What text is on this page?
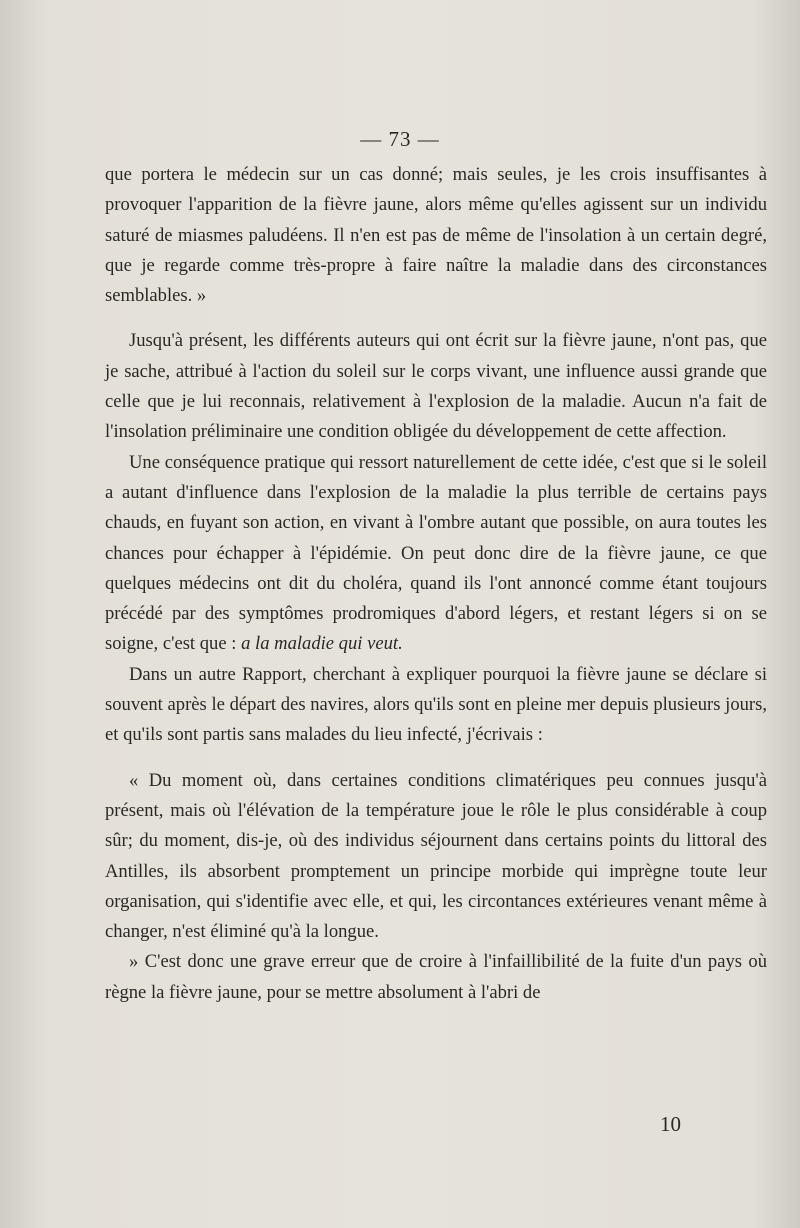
— 73 —

que portera le médecin sur un cas donné; mais seules, je les crois insuffisantes à provoquer l'apparition de la fièvre jaune, alors même qu'elles agissent sur un individu saturé de miasmes paludéens. Il n'en est pas de même de l'insolation à un certain degré, que je regarde comme très-propre à faire naître la maladie dans des circonstances semblables. »

Jusqu'à présent, les différents auteurs qui ont écrit sur la fièvre jaune, n'ont pas, que je sache, attribué à l'action du soleil sur le corps vivant, une influence aussi grande que celle que je lui reconnais, relativement à l'explosion de la maladie. Aucun n'a fait de l'insolation préliminaire une condition obligée du développement de cette affection.

Une conséquence pratique qui ressort naturellement de cette idée, c'est que si le soleil a autant d'influence dans l'explosion de la maladie la plus terrible de certains pays chauds, en fuyant son action, en vivant à l'ombre autant que possible, on aura toutes les chances pour échapper à l'épidémie. On peut donc dire de la fièvre jaune, ce que quelques médecins ont dit du choléra, quand ils l'ont annoncé comme étant toujours précédé par des symptômes prodromiques d'abord légers, et restant légers si on se soigne, c'est que : a la maladie qui veut.

Dans un autre Rapport, cherchant à expliquer pourquoi la fièvre jaune se déclare si souvent après le départ des navires, alors qu'ils sont en pleine mer depuis plusieurs jours, et qu'ils sont partis sans malades du lieu infecté, j'écrivais :

« Du moment où, dans certaines conditions climatériques peu connues jusqu'à présent, mais où l'élévation de la température joue le rôle le plus considérable à coup sûr; du moment, dis-je, où des individus séjournent dans certains points du littoral des Antilles, ils absorbent promptement un principe morbide qui imprègne toute leur organisation, qui s'identifie avec elle, et qui, les circontances extérieures venant même à changer, n'est éliminé qu'à la longue.

» C'est donc une grave erreur que de croire à l'infaillibilité de la fuite d'un pays où règne la fièvre jaune, pour se mettre absolument à l'abri de

10
